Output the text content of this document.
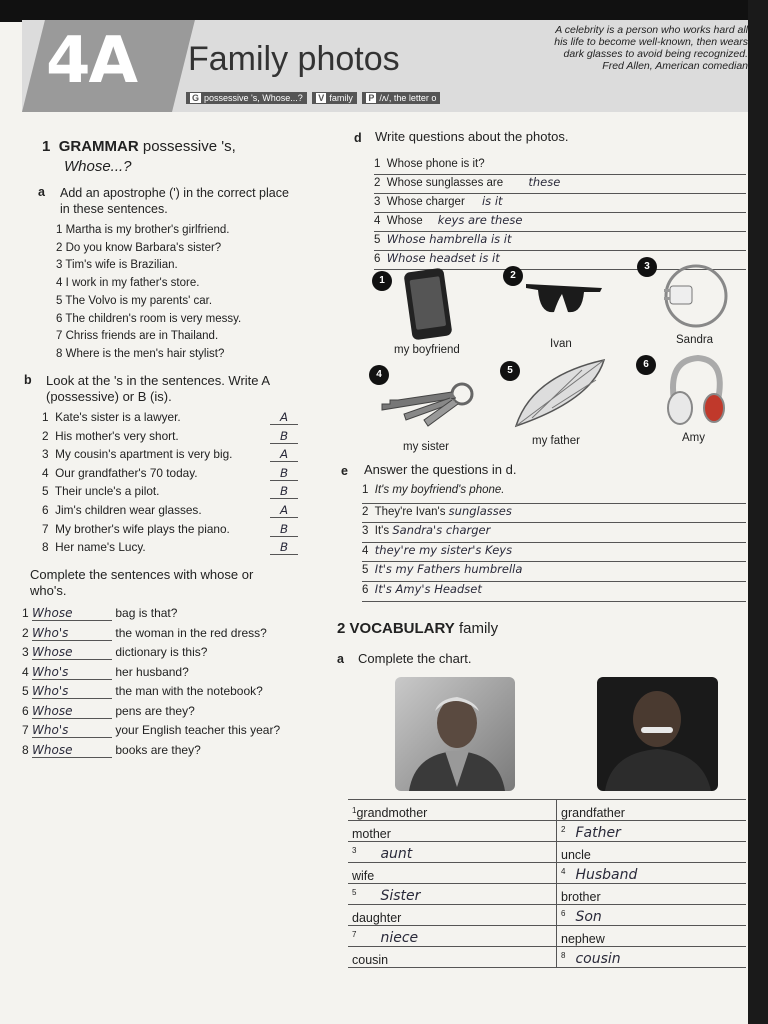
4A Family photos
A celebrity is a person who works hard all
his life to become well-known, then wears
dark glasses to avoid being recognized.
Fred Allen, American comedian
G possessive 's, Whose...? V family P /ʌ/, the letter o
1 GRAMMAR possessive 's,
Whose...?
a Add an apostrophe (') in the correct place
in these sentences.
1 Martha is my brother's girlfriend.
2 Do you know Barbara's sister?
3 Tim's wife is Brazilian.
4 I work in my father's store.
5 The Volvo is my parents' car.
6 The children's room is very messy.
7 Chriss friends are in Thailand.
8 Where is the men's hair stylist?
b Look at the 's in the sentences. Write A
(possessive) or B (is).
1 Kate's sister is a lawyer.	A
2 His mother's very short.	B
3 My cousin's apartment is very big.	A
4 Our grandfather's 70 today.	B
5 Their uncle's a pilot.	B
6 Jim's children wear glasses.	A
7 My brother's wife plays the piano.	B
8 Her name's Lucy.	B
Complete the sentences with whose or
who's.
1 Whose	bag is that?
2 Who's	the woman in the red dress?
3 Whose	dictionary is this?
4 Who's	her husband?
5 Who's	the man with the notebook?
6 Whose	pens are they?
7 Who's	your English teacher this year?
8 Whose	books are they?
d Write questions about the photos.
1 Whose phone is it?
2 Whose sunglasses are these
3 Whose charger is it
4 Whose keys are these
5 Whose hambrella is it
6 Whose headset is it
1
my boyfriend
2
Ivan
3
Sandra
4
my sister
5
my father
6
Amy
e Answer the questions in d.
1 It's my boyfriend's phone.
2 They're Ivan's sunglasses
3 It's Sandra's charger
4 they're my sister's Keys
5 It's my Fathers humbrella
6 It's Amy's Headset
2 VOCABULARY family
a Complete the chart.
$^1$grandmother	grandfather
mother	$^2$ Father
$^3$ aunt	uncle
wife	$^4$ Husband
$^5$ Sister	brother
daughter	$^6$ Son
$^7$ niece	nephew
cousin	$^8$ cousin
